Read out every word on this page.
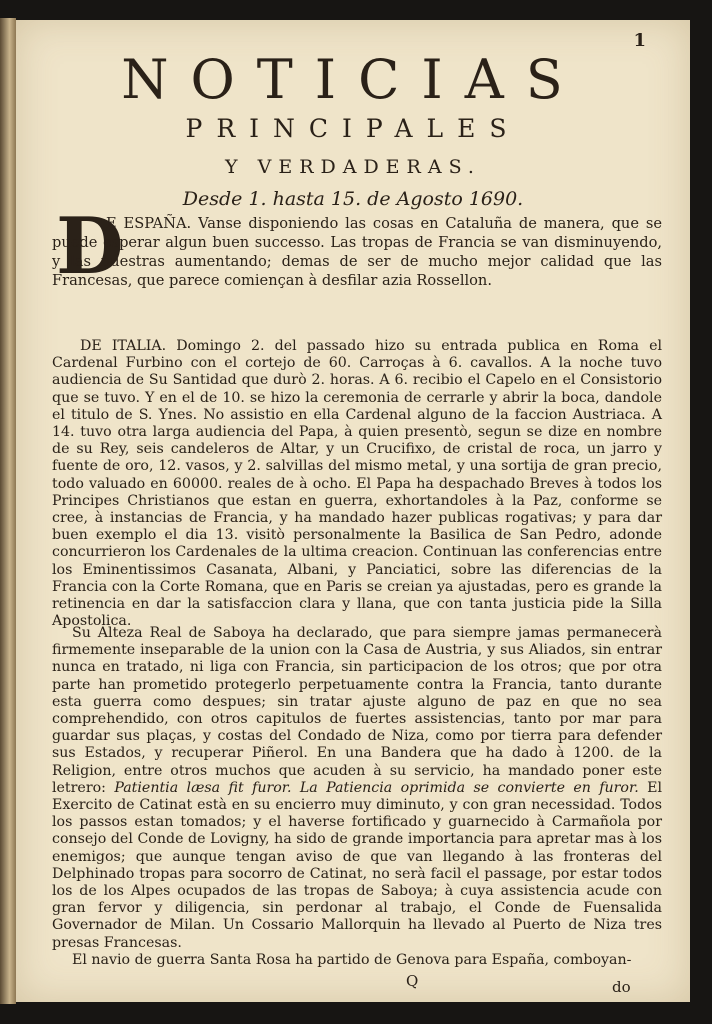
1
NOTICIAS
PRINCIPALES
Y VERDADERAS.
Desde 1. hasta 15. de Agosto 1690.
D

E ESPAÑA. Vanse disponiendo las cosas en Cataluña de manera, que se puede esperar algun buen successo. Las tropas de Francia se van disminuyendo, y las nuestras aumentando; demas de ser de mucho mejor calidad que las Francesas, que parece comiençan à desfilar azia Rossellon.

DE ITALIA. Domingo 2. del passado hizo su entrada publica en Roma el Cardenal Furbino con el cortejo de 60. Carroças à 6. cavallos. A la noche tuvo audiencia de Su Santidad que durò 2. horas. A 6. recibio el Capelo en el Consistorio que se tuvo. Y en el de 10. se hizo la ceremonia de cerrarle y abrir la boca, dandole el titulo de S. Ynes. No assistio en ella Cardenal alguno de la faccion Austriaca. A 14. tuvo otra larga audiencia del Papa, à quien presentò, segun se dize en nombre de su Rey, seis candeleros de Altar, y un Crucifixo, de cristal de roca, un jarro y fuente de oro, 12. vasos, y 2. salvillas del mismo metal, y una sortija de gran precio, todo valuado en 60000. reales de à ocho. El Papa ha despachado Breves à todos los Principes Christianos que estan en guerra, exhortandoles à la Paz, conforme se cree, à instancias de Francia, y ha mandado hazer publicas rogativas; y para dar buen exemplo el dia 13. visitò personalmente la Basilica de San Pedro, adonde concurrieron los Cardenales de la ultima creacion. Continuan las conferencias entre los Eminentissimos Casanata, Albani, y Panciatici, sobre las diferencias de la Francia con la Corte Romana, que en Paris se creian ya ajustadas, pero es grande la retinencia en dar la satisfaccion clara y llana, que con tanta justicia pide la Silla Apostolica.

Su Alteza Real de Saboya ha declarado, que para siempre jamas permanecerà firmemente inseparable de la union con la Casa de Austria, y sus Aliados, sin entrar nunca en tratado, ni liga con Francia, sin participacion de los otros; que por otra parte han prometido protegerlo perpetuamente contra la Francia, tanto durante esta guerra como despues; sin tratar ajuste alguno de paz en que no sea comprehendido, con otros capitulos de fuertes assistencias, tanto por mar para guardar sus plaças, y costas del Condado de Niza, como por tierra para defender sus Estados, y recuperar Piñerol. En una Bandera que ha dado à 1200. de la Religion, entre otros muchos que acuden à su servicio, ha mandado poner este letrero: Patientia læsa fit furor. La Patiencia oprimida se convierte en furor. El Exercito de Catinat està en su encierro muy diminuto, y con gran necessidad. Todos los passos estan tomados; y el haverse fortificado y guarnecido à Carmañola por consejo del Conde de Lovigny, ha sido de grande importancia para apretar mas à los enemigos; que aunque tengan aviso de que van llegando à las fronteras del Delphinado tropas para socorro de Catinat, no serà facil el passage, por estar todos los de los Alpes ocupados de las tropas de Saboya; à cuya assistencia acude con gran fervor y diligencia, sin perdonar al trabajo, el Conde de Fuensalida Governador de Milan. Un Cossario Mallorquin ha llevado al Puerto de Niza tres presas Francesas.

El navio de guerra Santa Rosa ha partido de Genova para España, comboyan-

Q	do
